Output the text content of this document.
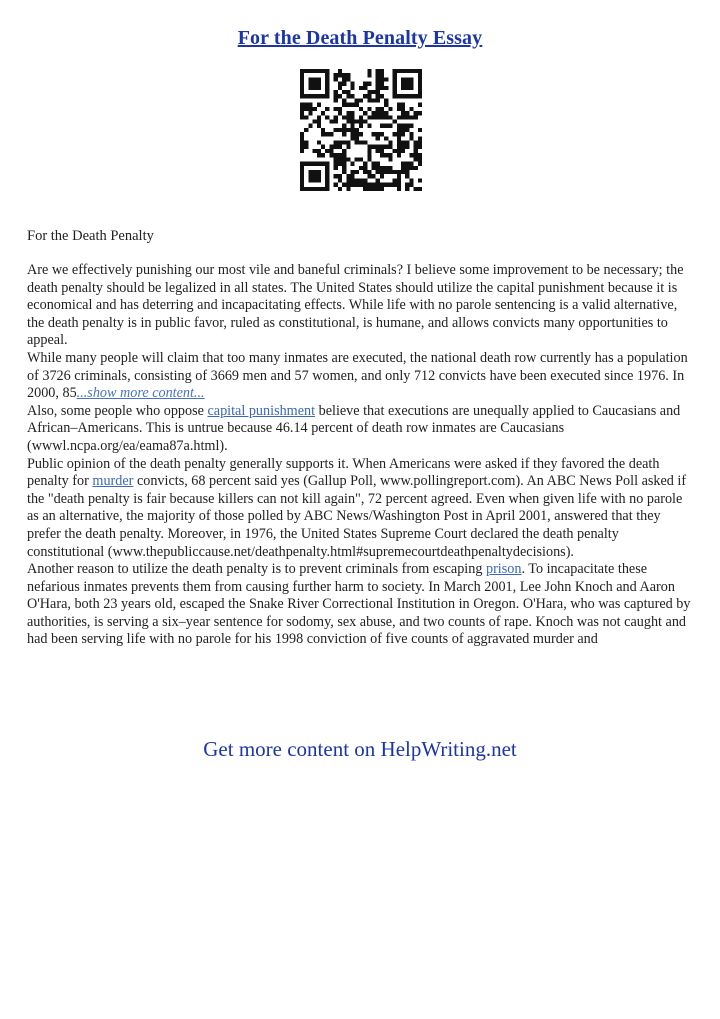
For the Death Penalty Essay
For the Death Penalty

Are we effectively punishing our most vile and baneful criminals? I believe some improvement to be necessary; the death penalty should be legalized in all states. The United States should utilize the capital punishment because it is economical and has deterring and incapacitating effects. While life with no parole sentencing is a valid alternative, the death penalty is in public favor, ruled as constitutional, is humane, and allows convicts many opportunities to appeal.

While many people will claim that too many inmates are executed, the national death row currently has a population of 3726 criminals, consisting of 3669 men and 57 women, and only 712 convicts have been executed since 1976. In 2000, 85...show more content...

Also, some people who oppose capital punishment believe that executions are unequally applied to Caucasians and African–Americans. This is untrue because 46.14 percent of death row inmates are Caucasians (wwwl.ncpa.org/ea/eama87a.html).

Public opinion of the death penalty generally supports it. When Americans were asked if they favored the death penalty for murder convicts, 68 percent said yes (Gallup Poll, www.pollingreport.com). An ABC News Poll asked if the "death penalty is fair because killers can not kill again", 72 percent agreed. Even when given life with no parole as an alternative, the majority of those polled by ABC News/Washington Post in April 2001, answered that they prefer the death penalty. Moreover, in 1976, the United States Supreme Court declared the death penalty constitutional (www.thepubliccause.net/deathpenalty.html#supremecourtdeathpenaltydecisions).

Another reason to utilize the death penalty is to prevent criminals from escaping prison. To incapacitate these nefarious inmates prevents them from causing further harm to society. In March 2001, Lee John Knoch and Aaron O'Hara, both 23 years old, escaped the Snake River Correctional Institution in Oregon. O'Hara, who was captured by authorities, is serving a six–year sentence for sodomy, sex abuse, and two counts of rape. Knoch was not caught and had been serving life with no parole for his 1998 conviction of five counts of aggravated murder and

Get more content on HelpWriting.net
